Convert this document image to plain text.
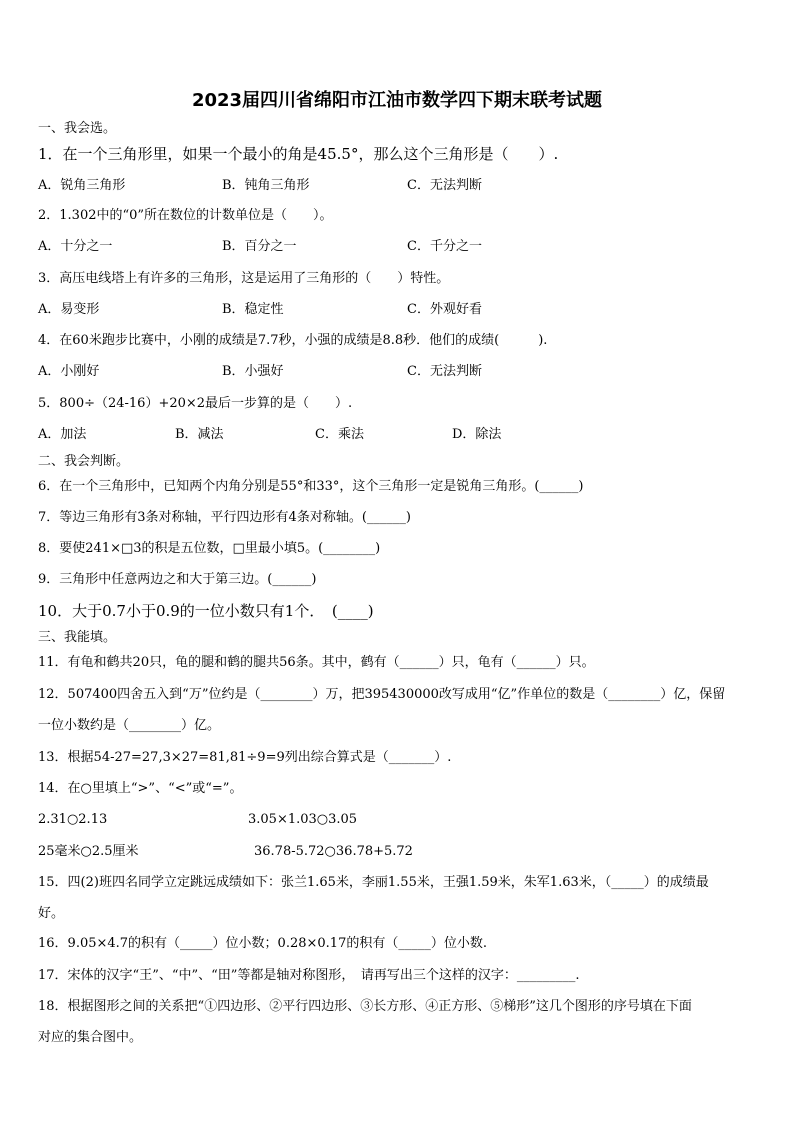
2023届四川省绵阳市江油市数学四下期末联考试题
一、我会选。
1．在一个三角形里，如果一个最小的角是45.5°，那么这个三角形是（　　）.
A．锐角三角形	B．钝角三角形	C．无法判断
2．1.302中的“0”所在数位的计数单位是（　　）。
A．十分之一	B．百分之一	C．千分之一
3．高压电线塔上有许多的三角形，这是运用了三角形的（　　）特性。
A．易变形	B．稳定性	C．外观好看
4．在60米跑步比赛中，小刚的成绩是7.7秒，小强的成绩是8.8秒．他们的成绩(　　　).
A．小刚好	B．小强好	C．无法判断
5．800÷（24-16）+20×2最后一步算的是（　　）.
A．加法	B．减法	C．乘法	D．除法
二、我会判断。
6．在一个三角形中，已知两个内角分别是55°和33°，这个三角形一定是锐角三角形。(______)
7．等边三角形有3条对称轴，平行四边形有4条对称轴。(______)
8．要使241×□3的积是五位数，□里最小填5。(________)
9．三角形中任意两边之和大于第三边。(______)
10．大于0.7小于0.9的一位小数只有1个．　(____)
三、我能填。
11．有龟和鹤共20只，龟的腿和鹤的腿共56条。其中，鹤有（______）只，龟有（______）只。
12．507400四舍五入到“万”位约是（________）万，把395430000改写成用“亿”作单位的数是（________）亿，保留
一位小数约是（________）亿。
13．根据54-27=27,3×27=81,81÷9=9列出综合算式是（_______）.
14．在○里填上“>”、“<”或“=”。
2.31○2.13	3.05×1.03○3.05
25毫米○2.5厘米	36.78-5.72○36.78+5.72
15．四(2)班四名同学立定跳远成绩如下：张兰1.65米，李丽1.55米，王强1.59米，朱军1.63米，（_____）的成绩最
好。
16．9.05×4.7的积有（_____）位小数；0.28×0.17的积有（_____）位小数.
17．宋体的汉字“王”、“中”、“田”等都是轴对称图形，　请再写出三个这样的汉字：_________.
18．根据图形之间的关系把“①四边形、②平行四边形、③长方形、④正方形、⑤梯形”这几个图形的序号填在下面
对应的集合图中。
